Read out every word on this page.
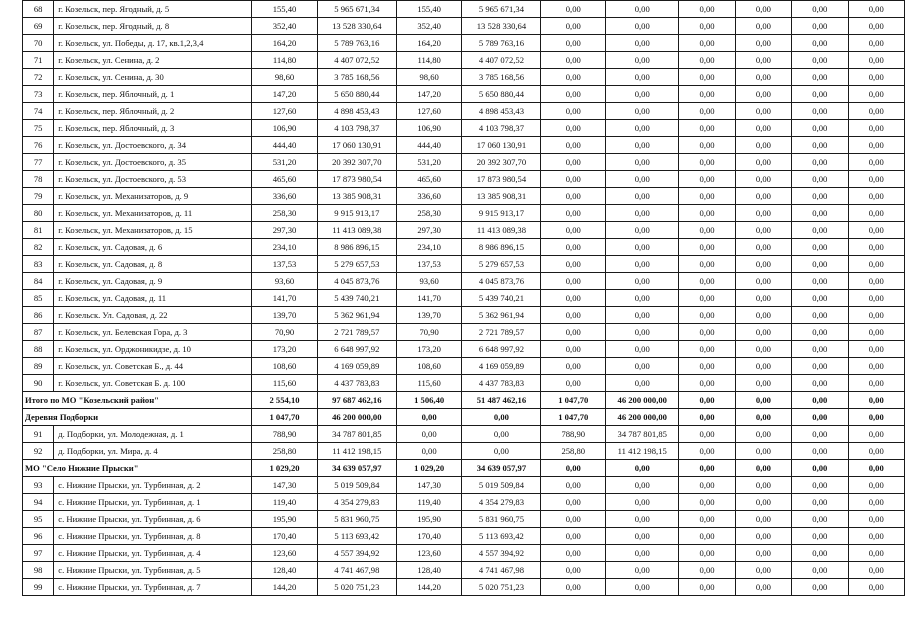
68	г. Козельск, пер. Ягодный, д. 5	155,40	5 965 671,34	155,40	5 965 671,34	0,00	0,00	0,00	0,00	0,00	0,00
69	г. Козельск, пер. Ягодный, д. 8	352,40	13 528 330,64	352,40	13 528 330,64	0,00	0,00	0,00	0,00	0,00	0,00
70	г. Козельск, ул. Победы, д. 17, кв.1,2,3,4	164,20	5 789 763,16	164,20	5 789 763,16	0,00	0,00	0,00	0,00	0,00	0,00
71	г. Козельск, ул. Сенина, д. 2	114,80	4 407 072,52	114,80	4 407 072,52	0,00	0,00	0,00	0,00	0,00	0,00
72	г. Козельск, ул. Сенина, д. 30	98,60	3 785 168,56	98,60	3 785 168,56	0,00	0,00	0,00	0,00	0,00	0,00
73	г. Козельск, пер. Яблочный, д. 1	147,20	5 650 880,44	147,20	5 650 880,44	0,00	0,00	0,00	0,00	0,00	0,00
74	г. Козельск, пер. Яблочный, д. 2	127,60	4 898 453,43	127,60	4 898 453,43	0,00	0,00	0,00	0,00	0,00	0,00
75	г. Козельск, пер. Яблочный, д. 3	106,90	4 103 798,37	106,90	4 103 798,37	0,00	0,00	0,00	0,00	0,00	0,00
76	г. Козельск, ул. Достоевского, д. 34	444,40	17 060 130,91	444,40	17 060 130,91	0,00	0,00	0,00	0,00	0,00	0,00
77	г. Козельск, ул. Достоевского, д. 35	531,20	20 392 307,70	531,20	20 392 307,70	0,00	0,00	0,00	0,00	0,00	0,00
78	г. Козельск, ул. Достоевского, д. 53	465,60	17 873 980,54	465,60	17 873 980,54	0,00	0,00	0,00	0,00	0,00	0,00
79	г. Козельск, ул. Механизаторов, д. 9	336,60	13 385 908,31	336,60	13 385 908,31	0,00	0,00	0,00	0,00	0,00	0,00
80	г. Козельск, ул. Механизаторов, д. 11	258,30	9 915 913,17	258,30	9 915 913,17	0,00	0,00	0,00	0,00	0,00	0,00
81	г. Козельск, ул. Механизаторов, д. 15	297,30	11 413 089,38	297,30	11 413 089,38	0,00	0,00	0,00	0,00	0,00	0,00
82	г. Козельск, ул. Садовая, д. 6	234,10	8 986 896,15	234,10	8 986 896,15	0,00	0,00	0,00	0,00	0,00	0,00
83	г. Козельск, ул. Садовая, д. 8	137,53	5 279 657,53	137,53	5 279 657,53	0,00	0,00	0,00	0,00	0,00	0,00
84	г. Козельск, ул. Садовая, д. 9	93,60	4 045 873,76	93,60	4 045 873,76	0,00	0,00	0,00	0,00	0,00	0,00
85	г. Козельск, ул. Садовая, д. 11	141,70	5 439 740,21	141,70	5 439 740,21	0,00	0,00	0,00	0,00	0,00	0,00
86	г. Козельск. Ул. Садовая, д. 22	139,70	5 362 961,94	139,70	5 362 961,94	0,00	0,00	0,00	0,00	0,00	0,00
87	г. Козельск, ул. Белевская Гора, д. 3	70,90	2 721 789,57	70,90	2 721 789,57	0,00	0,00	0,00	0,00	0,00	0,00
88	г. Козельск, ул. Орджоникидзе, д. 10	173,20	6 648 997,92	173,20	6 648 997,92	0,00	0,00	0,00	0,00	0,00	0,00
89	г. Козельск, ул. Советская Б., д. 44	108,60	4 169 059,89	108,60	4 169 059,89	0,00	0,00	0,00	0,00	0,00	0,00
90	г. Козельск, ул. Советская Б. д. 100	115,60	4 437 783,83	115,60	4 437 783,83	0,00	0,00	0,00	0,00	0,00	0,00
Итого по МО "Козельский район"		2 554,10	97 687 462,16	1 506,40	51 487 462,16	1 047,70	46 200 000,00	0,00	0,00	0,00	0,00
Деревня Подборки		1 047,70	46 200 000,00	0,00	0,00	1 047,70	46 200 000,00	0,00	0,00	0,00	0,00
91	д. Подборки, ул. Молодежная, д. 1	788,90	34 787 801,85	0,00	0,00	788,90	34 787 801,85	0,00	0,00	0,00	0,00
92	д. Подборки, ул. Мира, д. 4	258,80	11 412 198,15	0,00	0,00	258,80	11 412 198,15	0,00	0,00	0,00	0,00
МО "Село Нижние Прыски"		1 029,20	34 639 057,97	1 029,20	34 639 057,97	0,00	0,00	0,00	0,00	0,00	0,00
93	с. Нижние Прыски, ул. Турбинная, д. 2	147,30	5 019 509,84	147,30	5 019 509,84	0,00	0,00	0,00	0,00	0,00	0,00
94	с. Нижние Прыски, ул. Турбинная, д. 1	119,40	4 354 279,83	119,40	4 354 279,83	0,00	0,00	0,00	0,00	0,00	0,00
95	с. Нижние Прыски, ул. Турбинная, д. 6	195,90	5 831 960,75	195,90	5 831 960,75	0,00	0,00	0,00	0,00	0,00	0,00
96	с. Нижние Прыски, ул. Турбинная, д. 8	170,40	5 113 693,42	170,40	5 113 693,42	0,00	0,00	0,00	0,00	0,00	0,00
97	с. Нижние Прыски, ул. Турбинная, д. 4	123,60	4 557 394,92	123,60	4 557 394,92	0,00	0,00	0,00	0,00	0,00	0,00
98	с. Нижние Прыски, ул. Турбинная, д. 5	128,40	4 741 467,98	128,40	4 741 467,98	0,00	0,00	0,00	0,00	0,00	0,00
99	с. Нижние Прыски, ул. Турбинная, д. 7	144,20	5 020 751,23	144,20	5 020 751,23	0,00	0,00	0,00	0,00	0,00	0,00
